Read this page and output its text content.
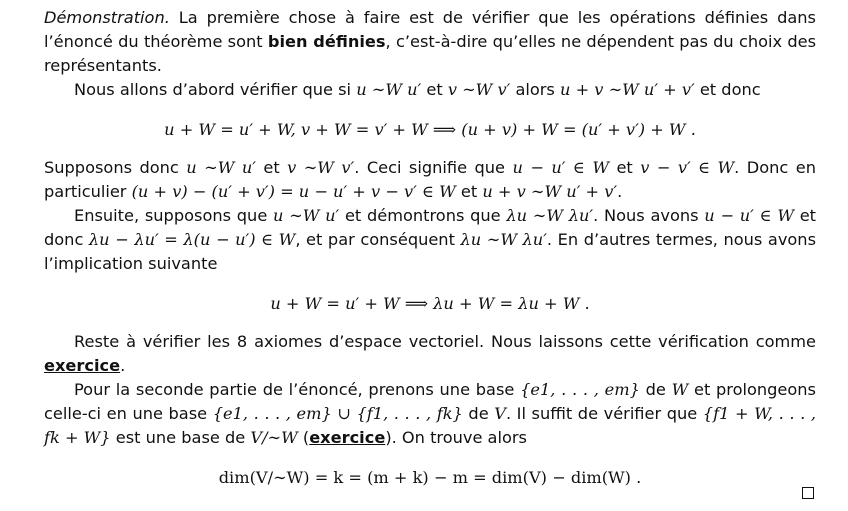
Démonstration. La première chose à faire est de vérifier que les opérations définies dans l’énoncé du théorème sont bien définies, c’est-à-dire qu’elles ne dépendent pas du choix des représentants.

Nous allons d’abord vérifier que si u ∼W u′ et v ∼W v′ alors u + v ∼W u′ + v′ et donc

u + W = u′ + W, v + W = v′ + W ⟹ (u + v) + W = (u′ + v′) + W .

Supposons donc u ∼W u′ et v ∼W v′. Ceci signifie que u − u′ ∈ W et v − v′ ∈ W. Donc en particulier (u + v) − (u′ + v′) = u − u′ + v − v′ ∈ W et u + v ∼W u′ + v′.

Ensuite, supposons que u ∼W u′ et démontrons que λu ∼W λu′. Nous avons u − u′ ∈ W et donc λu − λu′ = λ(u − u′) ∈ W, et par conséquent λu ∼W λu′. En d’autres termes, nous avons l’implication suivante

u + W = u′ + W ⟹ λu + W = λu + W .

Reste à vérifier les 8 axiomes d’espace vectoriel. Nous laissons cette vérification comme exercice.

Pour la seconde partie de l’énoncé, prenons une base {e1, . . . , em} de W et prolongeons celle-ci en une base {e1, . . . , em} ∪ {f1, . . . , fk} de V. Il suffit de vérifier que {f1 + W, . . . , fk + W} est une base de V/∼W (exercice). On trouve alors

dim(V/∼W) = k = (m + k) − m = dim(V) − dim(W) .
